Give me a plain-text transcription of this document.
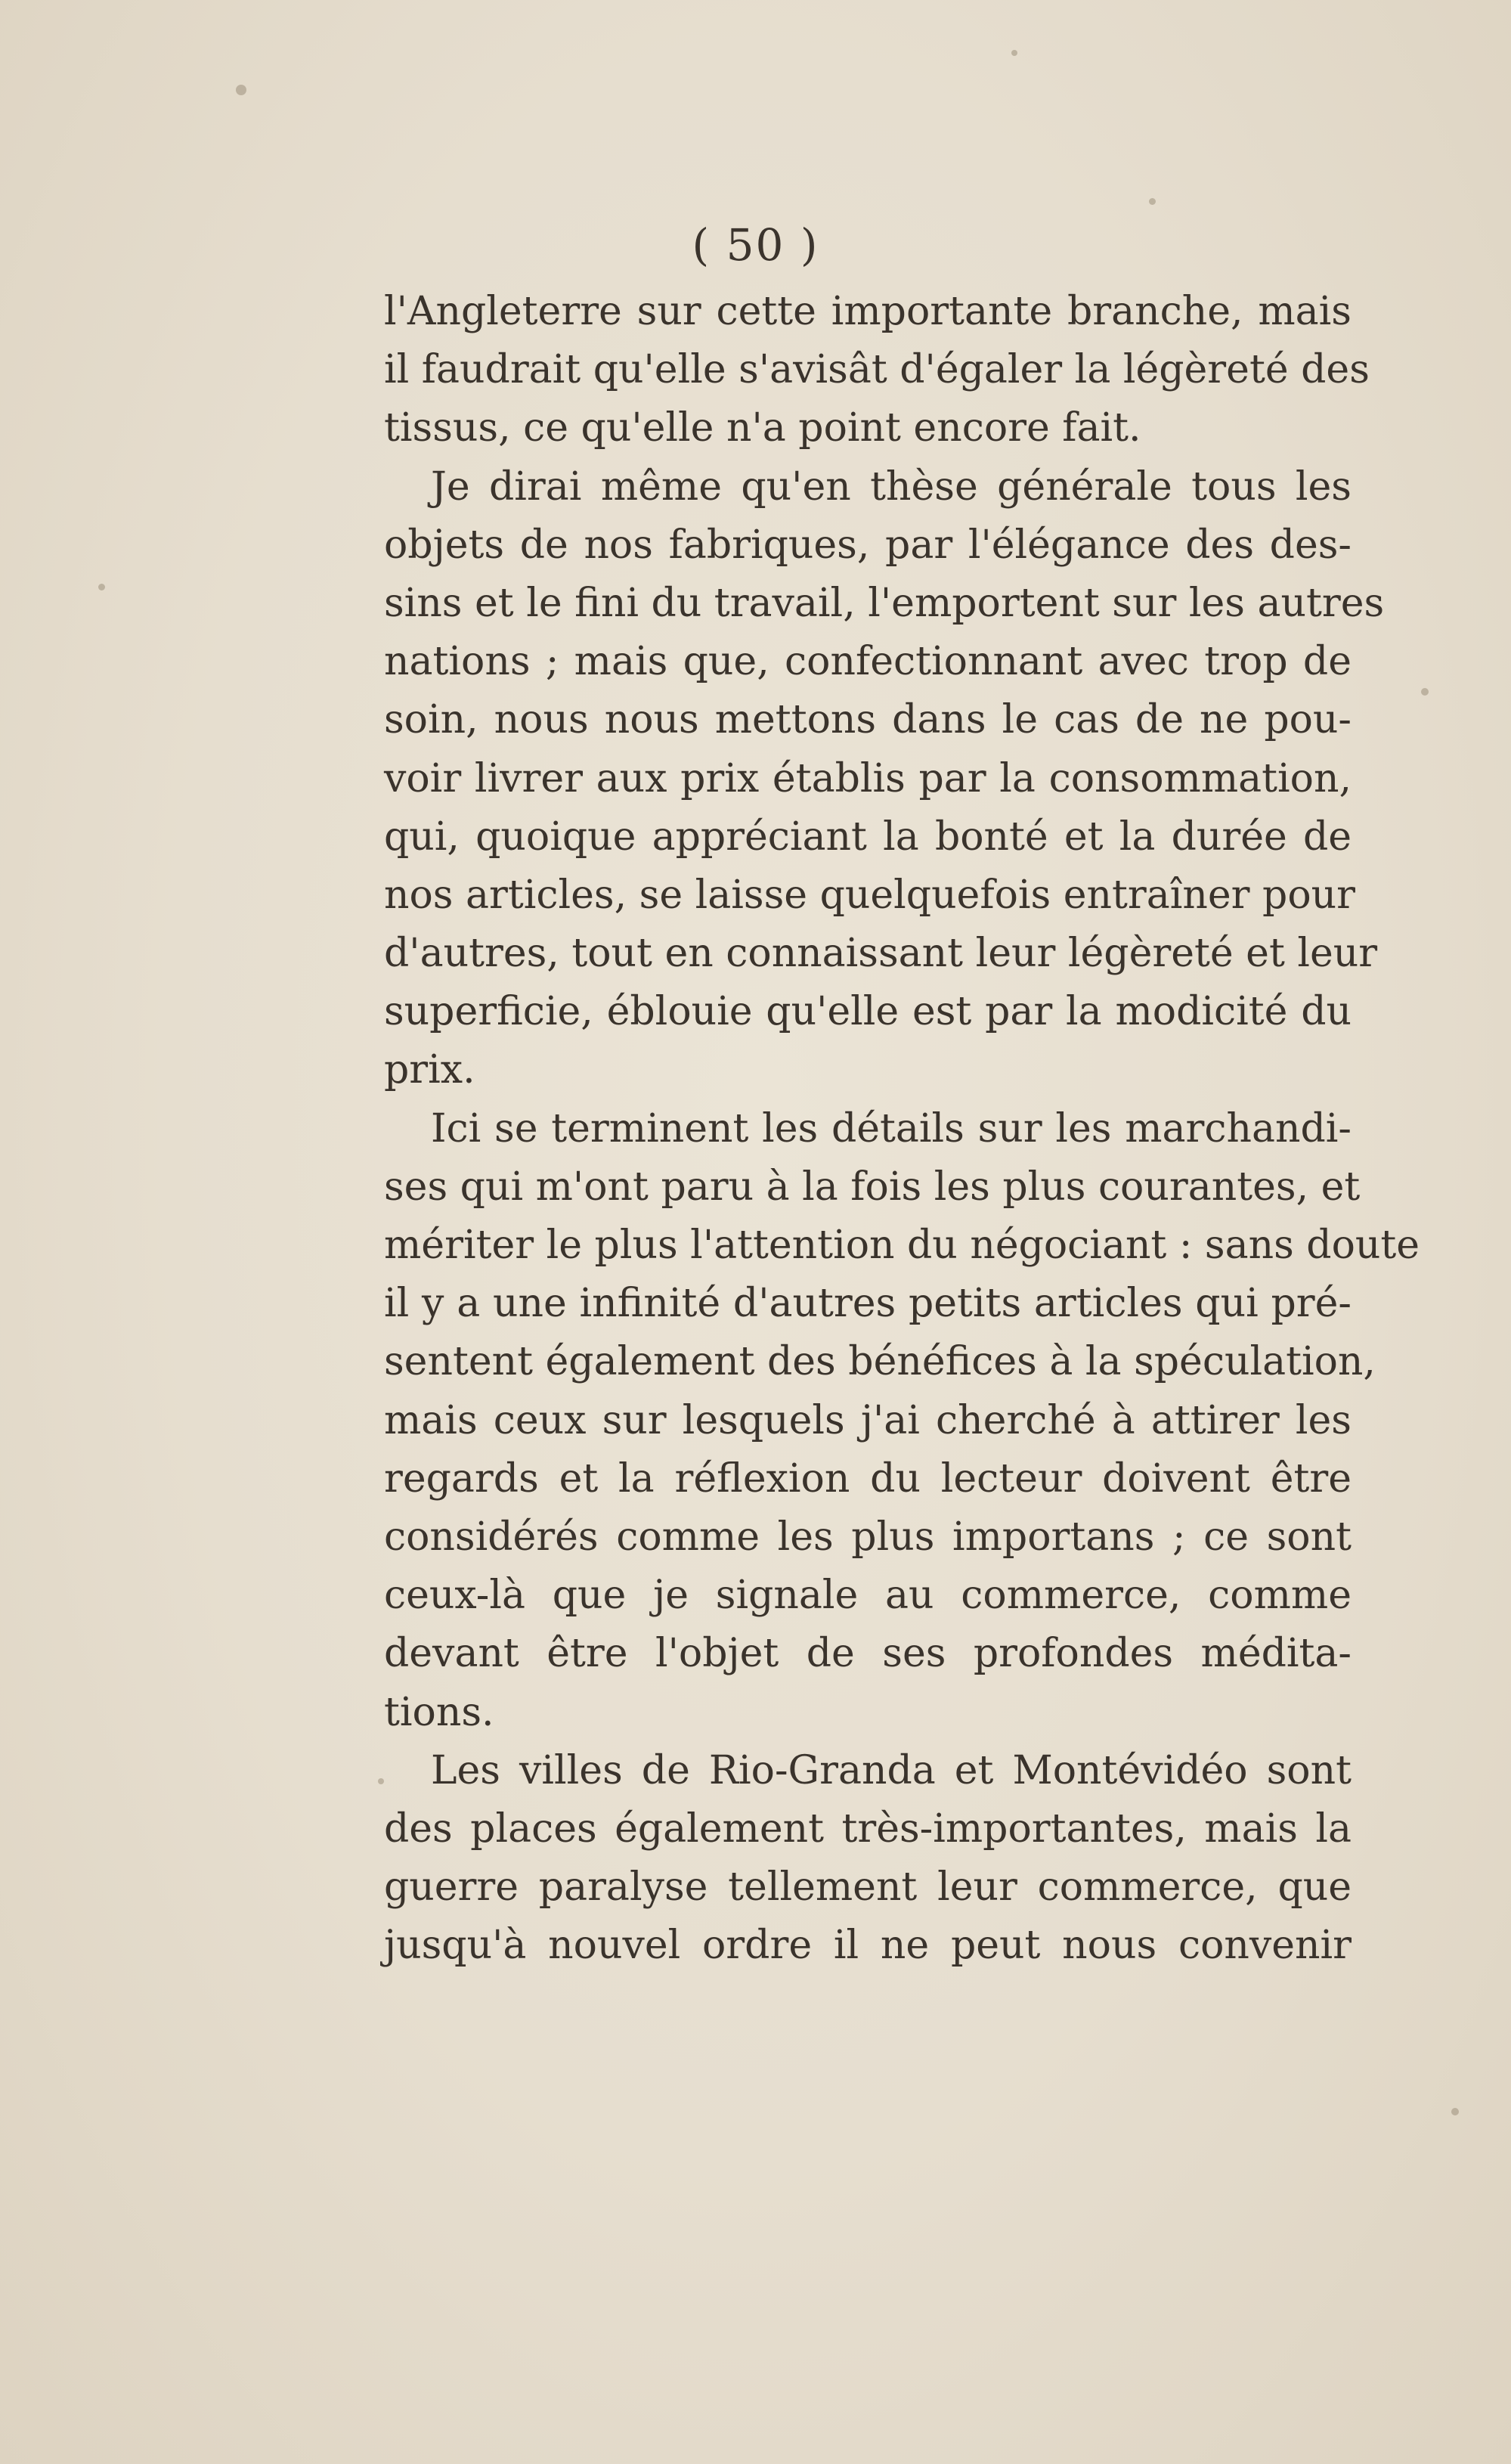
( 50 )
l'Angleterre sur cette importante branche, mais
il faudrait qu'elle s'avisât d'égaler la légèreté des
tissus, ce qu'elle n'a point encore fait.
Je dirai même qu'en thèse générale tous les
objets de nos fabriques, par l'élégance des des-
sins et le fini du travail, l'emportent sur les autres
nations ; mais que, confectionnant avec trop de
soin, nous nous mettons dans le cas de ne pou-
voir livrer aux prix établis par la consommation,
qui, quoique appréciant la bonté et la durée de
nos articles, se laisse quelquefois entraîner pour
d'autres, tout en connaissant leur légèreté et leur
superficie, éblouie qu'elle est par la modicité du
prix.
Ici se terminent les détails sur les marchandi-
ses qui m'ont paru à la fois les plus courantes, et
mériter le plus l'attention du négociant : sans doute
il y a une infinité d'autres petits articles qui pré-
sentent également des bénéfices à la spéculation,
mais ceux sur lesquels j'ai cherché à attirer les
regards et la réflexion du lecteur doivent être
considérés comme les plus importans ; ce sont
ceux-là que je signale au commerce, comme
devant être l'objet de ses profondes médita-
tions.
Les villes de Rio-Granda et Montévidéo sont
des places également très-importantes, mais la
guerre paralyse tellement leur commerce, que
jusqu'à nouvel ordre il ne peut nous convenir
